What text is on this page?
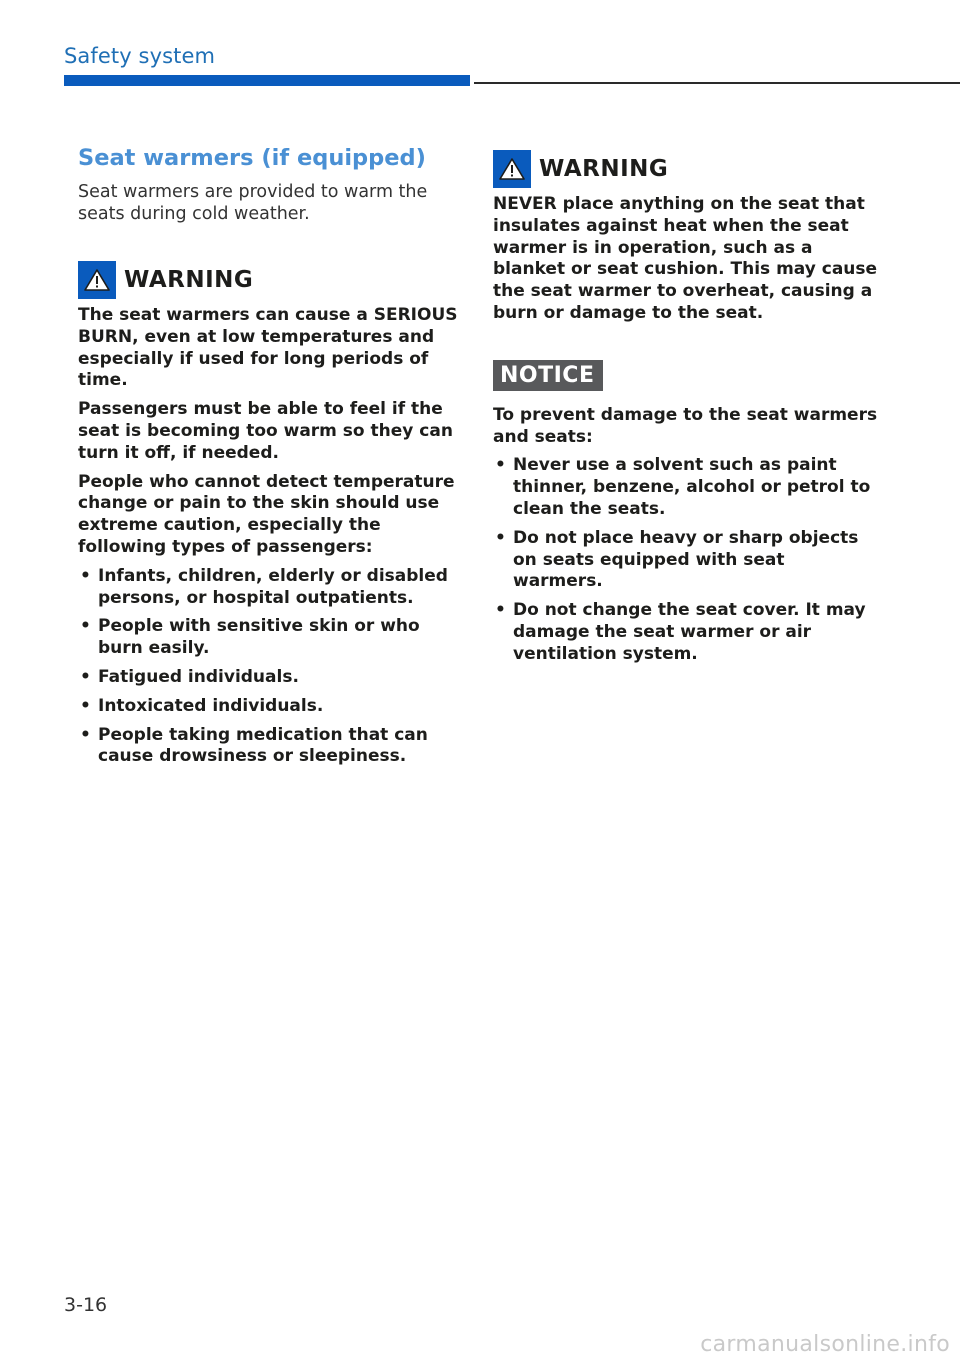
Safety system
Seat warmers (if equipped)

Seat warmers are provided to warm the seats during cold weather.

WARNING

The seat warmers can cause a SERIOUS BURN, even at low temperatures and especially if used for long periods of time.

Passengers must be able to feel if the seat is becoming too warm so they can turn it off, if needed.

People who cannot detect temperature change or pain to the skin should use extreme caution, especially the following types of passengers:

• Infants, children, elderly or disabled persons, or hospital outpatients.
• People with sensitive skin or who burn easily.
• Fatigued individuals.
• Intoxicated individuals.
• People taking medication that can cause drowsiness or sleepiness.
WARNING

NEVER place anything on the seat that insulates against heat when the seat warmer is in operation, such as a blanket or seat cushion. This may cause the seat warmer to overheat, causing a burn or damage to the seat.

NOTICE

To prevent damage to the seat warmers and seats:

• Never use a solvent such as paint thinner, benzene, alcohol or petrol to clean the seats.
• Do not place heavy or sharp objects on seats equipped with seat warmers.
• Do not change the seat cover. It may damage the seat warmer or air ventilation system.
3-16
carmanualsonline.info
